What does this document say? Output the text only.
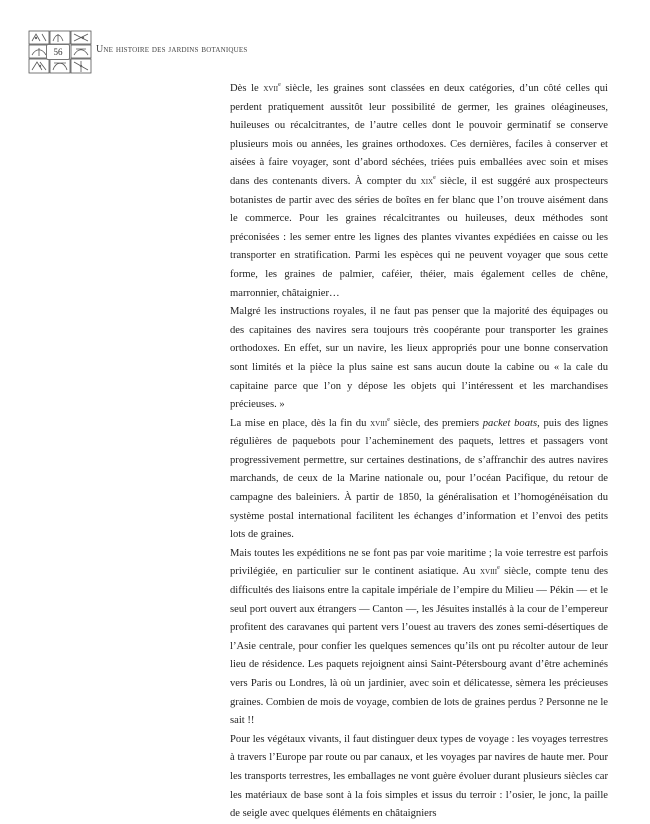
56	Une histoire des jardins botaniques

Dès le xvii$^e$ siècle, les graines sont classées en deux catégories, d’un côté celles qui perdent pratiquement aussitôt leur possibilité de germer, les graines oléagineuses, huileuses ou récalcitrantes, de l’autre celles dont le pouvoir germinatif se conserve plusieurs mois ou années, les graines orthodoxes. Ces dernières, faciles à conserver et aisées à faire voyager, sont d’abord séchées, triées puis emballées avec soin et mises dans des contenants divers. À compter du xix$^e$ siècle, il est suggéré aux prospecteurs botanistes de partir avec des séries de boîtes en fer blanc que l’on trouve aisément dans le commerce. Pour les graines récalcitrantes ou huileuses, deux méthodes sont préconisées : les semer entre les lignes des plantes vivantes expédiées en caisse ou les transporter en stratification. Parmi les espèces qui ne peuvent voyager que sous cette forme, les graines de palmier, caféier, théier, mais également celles de chêne, marronnier, châtaignier…

Malgré les instructions royales, il ne faut pas penser que la majorité des équipages ou des capitaines des navires sera toujours très coopérante pour transporter les graines orthodoxes. En effet, sur un navire, les lieux appropriés pour une bonne conservation sont limités et la pièce la plus saine est sans aucun doute la cabine ou « la cale du capitaine parce que l’on y dépose les objets qui l’intéressent et les marchandises précieuses. »

La mise en place, dès la fin du xviii$^e$ siècle, des premiers packet boats, puis des lignes régulières de paquebots pour l’acheminement des paquets, lettres et passagers vont progressivement permettre, sur certaines destinations, de s’affranchir des autres navires marchands, de ceux de la Marine nationale ou, pour l’océan Pacifique, du retour de campagne des baleiniers. À partir de 1850, la généralisation et l’homogénéisation du système postal international facilitent les échanges d’information et l’envoi des petits lots de graines.

Mais toutes les expéditions ne se font pas par voie maritime ; la voie terrestre est parfois privilégiée, en particulier sur le continent asiatique. Au xviii$^e$ siècle, compte tenu des difficultés des liaisons entre la capitale impériale de l’empire du Milieu — Pékin — et le seul port ouvert aux étrangers — Canton —, les Jésuites installés à la cour de l’empereur profitent des caravanes qui partent vers l’ouest au travers des zones semi-désertiques de l’Asie centrale, pour confier les quelques semences qu’ils ont pu récolter autour de leur lieu de résidence. Les paquets rejoignent ainsi Saint-Pétersbourg avant d’être acheminés vers Paris ou Londres, là où un jardinier, avec soin et délicatesse, sèmera les précieuses graines. Combien de mois de voyage, combien de lots de graines perdus ? Personne ne le sait !!

Pour les végétaux vivants, il faut distinguer deux types de voyage : les voyages terrestres à travers l’Europe par route ou par canaux, et les voyages par navires de haute mer. Pour les transports terrestres, les emballages ne vont guère évoluer durant plusieurs siècles car les matériaux de base sont à la fois simples et issus du terroir : l’osier, le jonc, la paille de seigle avec quelques éléments en châtaigniers
